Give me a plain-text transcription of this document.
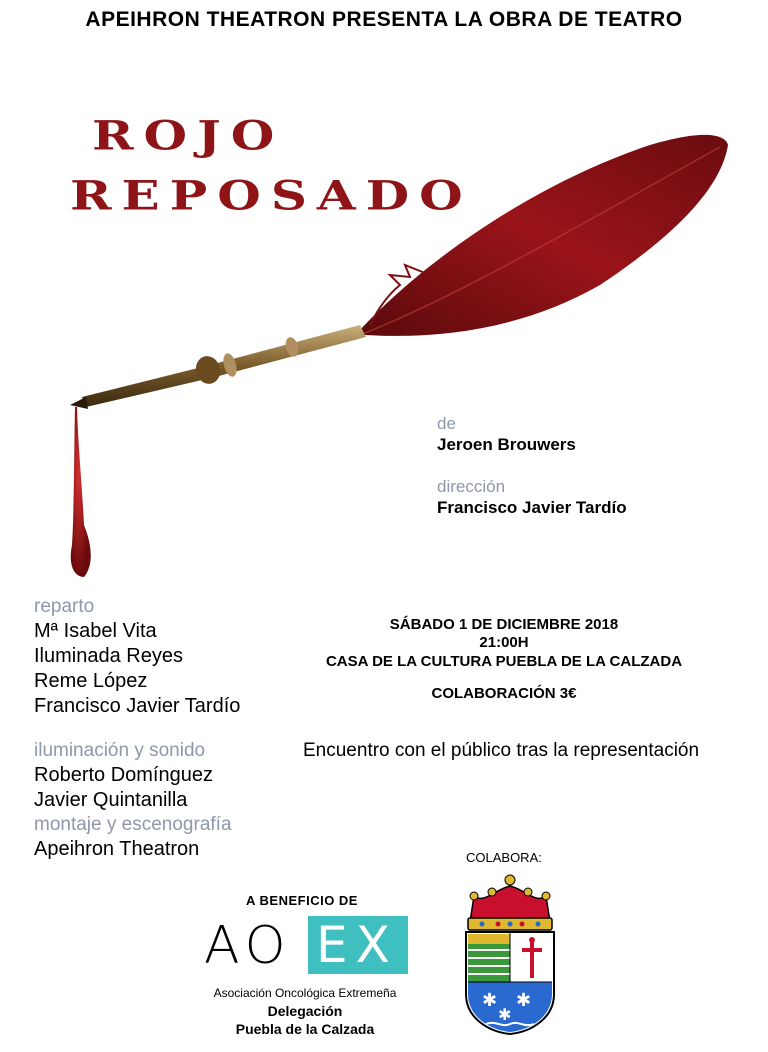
APEIHRON THEATRON PRESENTA LA OBRA DE TEATRO
ROJO
REPOSADO
de
Jeroen Brouwers
dirección
Francisco Javier Tardío
reparto
Mª Isabel Vita
Iluminada Reyes
Reme López
Francisco Javier Tardío
iluminación y sonido
Roberto Domínguez
Javier Quintanilla
montaje y escenografía
Apeihron Theatron
SÁBADO 1 DE DICIEMBRE 2018
21:00H
CASA DE LA CULTURA PUEBLA DE LA CALZADA
COLABORACIÓN 3€
Encuentro con el público tras la representación
COLABORA:
A BENEFICIO DE
AO EX
Asociación Oncológica Extremeña
Delegación
Puebla de la Calzada
✱ ✱
✱
